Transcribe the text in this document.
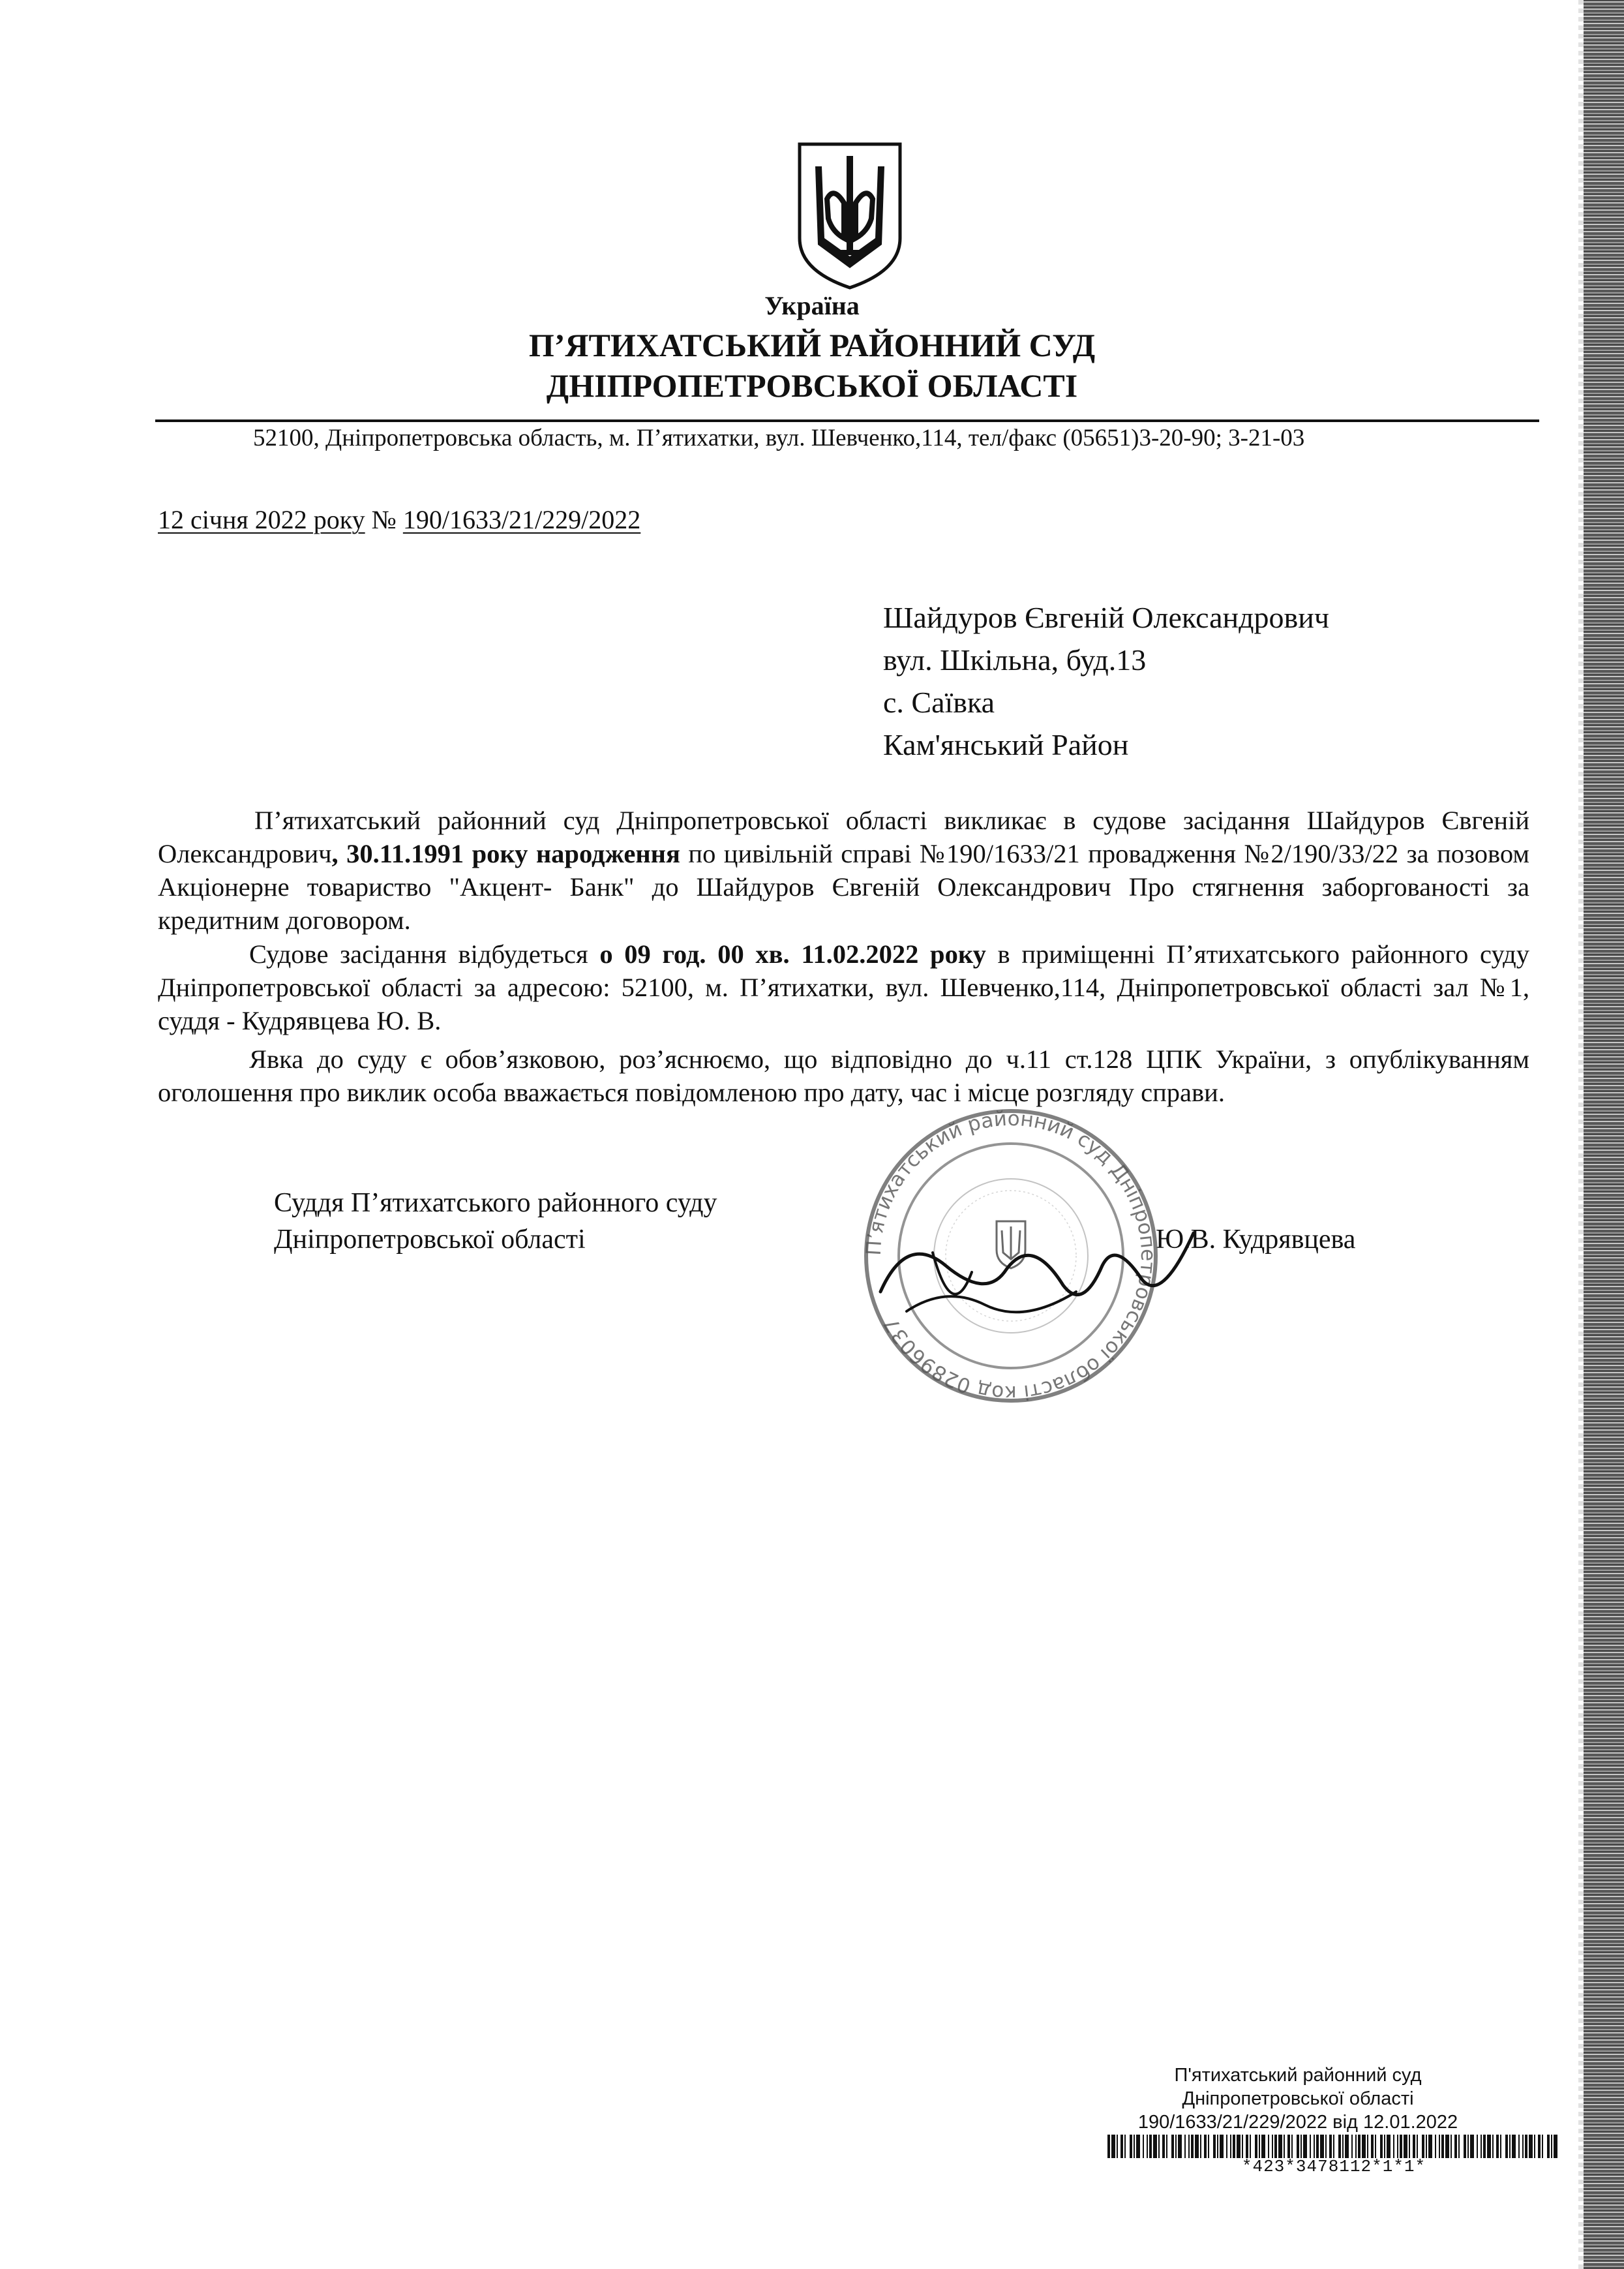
Україна
П’ЯТИХАТСЬКИЙ РАЙОННИЙ СУД
ДНІПРОПЕТРОВСЬКОЇ ОБЛАСТІ
52100, Дніпропетровська область, м. П’ятихатки, вул. Шевченко,114, тел/факс (05651)3-20-90; 3-21-03
12 січня 2022 року № 190/1633/21/229/2022
Шайдуров Євгеній Олександрович
вул. Шкільна, буд.13
с. Саївка
Кам'янський Район
П’ятихатський районний суд Дніпропетровської області викликає в судове засідання Шайдуров Євгеній Олександрович, 30.11.1991 року народження по цивільній справі №190/1633/21 провадження №2/190/33/22 за позовом Акціонерне товариство "Акцент- Банк" до Шайдуров Євгеній Олександрович Про стягнення заборгованості за кредитним договором.
Судове засідання відбудеться о 09 год. 00 хв. 11.02.2022 року в приміщенні П’ятихатського районного суду Дніпропетровської області за адресою: 52100, м. П’ятихатки, вул. Шевченко,114, Дніпропетровської області зал №1, суддя - Кудрявцева Ю. В.
Явка до суду є обов’язковою, роз’яснюємо, що відповідно до ч.11 ст.128 ЦПК України, з опублікуванням оголошення про виклик особа вважається повідомленою про дату, час і місце розгляду справи.
Суддя П’ятихатського районного суду
Дніпропетровської області	Ю.В. Кудрявцева
П’ятихатський районний суд Дніпропетровської області код 02896037
П'ятихатський районний суд
Дніпропетровської області
190/1633/21/229/2022 від 12.01.2022
*423*3478112*1*1*
